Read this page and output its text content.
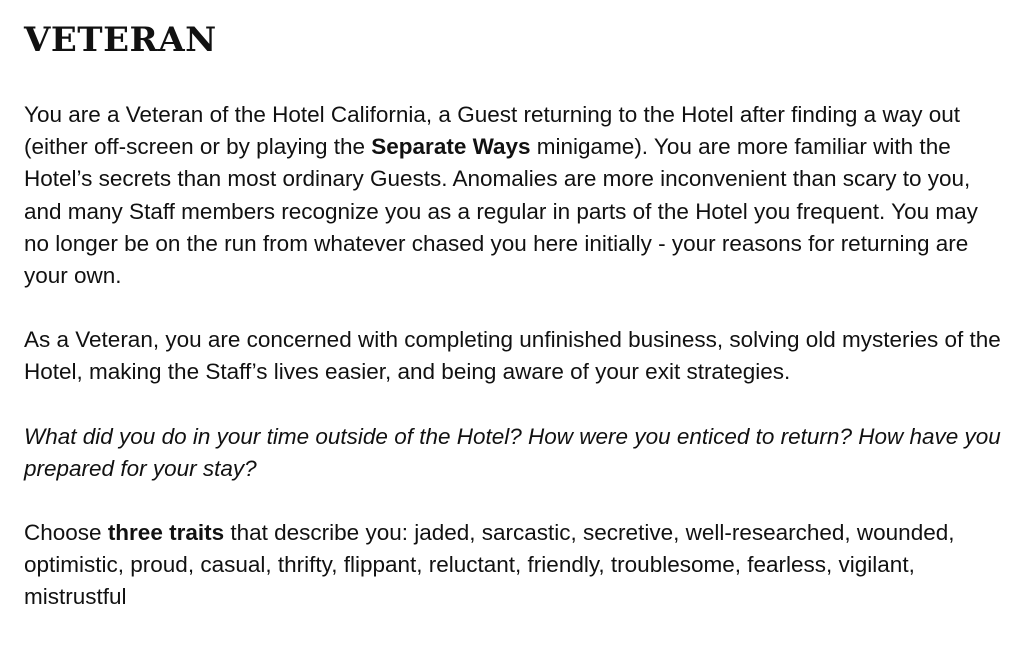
VETERAN

You are a Veteran of the Hotel California, a Guest returning to the Hotel after finding a way out (either off-screen or by playing the Separate Ways minigame). You are more familiar with the Hotel’s secrets than most ordinary Guests. Anomalies are more inconvenient than scary to you, and many Staff members recognize you as a regular in parts of the Hotel you frequent. You may no longer be on the run from whatever chased you here initially - your reasons for returning are your own.

As a Veteran, you are concerned with completing unfinished business, solving old mysteries of the Hotel, making the Staff’s lives easier, and being aware of your exit strategies.

What did you do in your time outside of the Hotel? How were you enticed to return? How have you prepared for your stay?

Choose three traits that describe you: jaded, sarcastic, secretive, well-researched, wounded, optimistic, proud, casual, thrifty, flippant, reluctant, friendly, troublesome, fearless, vigilant, mistrustful
